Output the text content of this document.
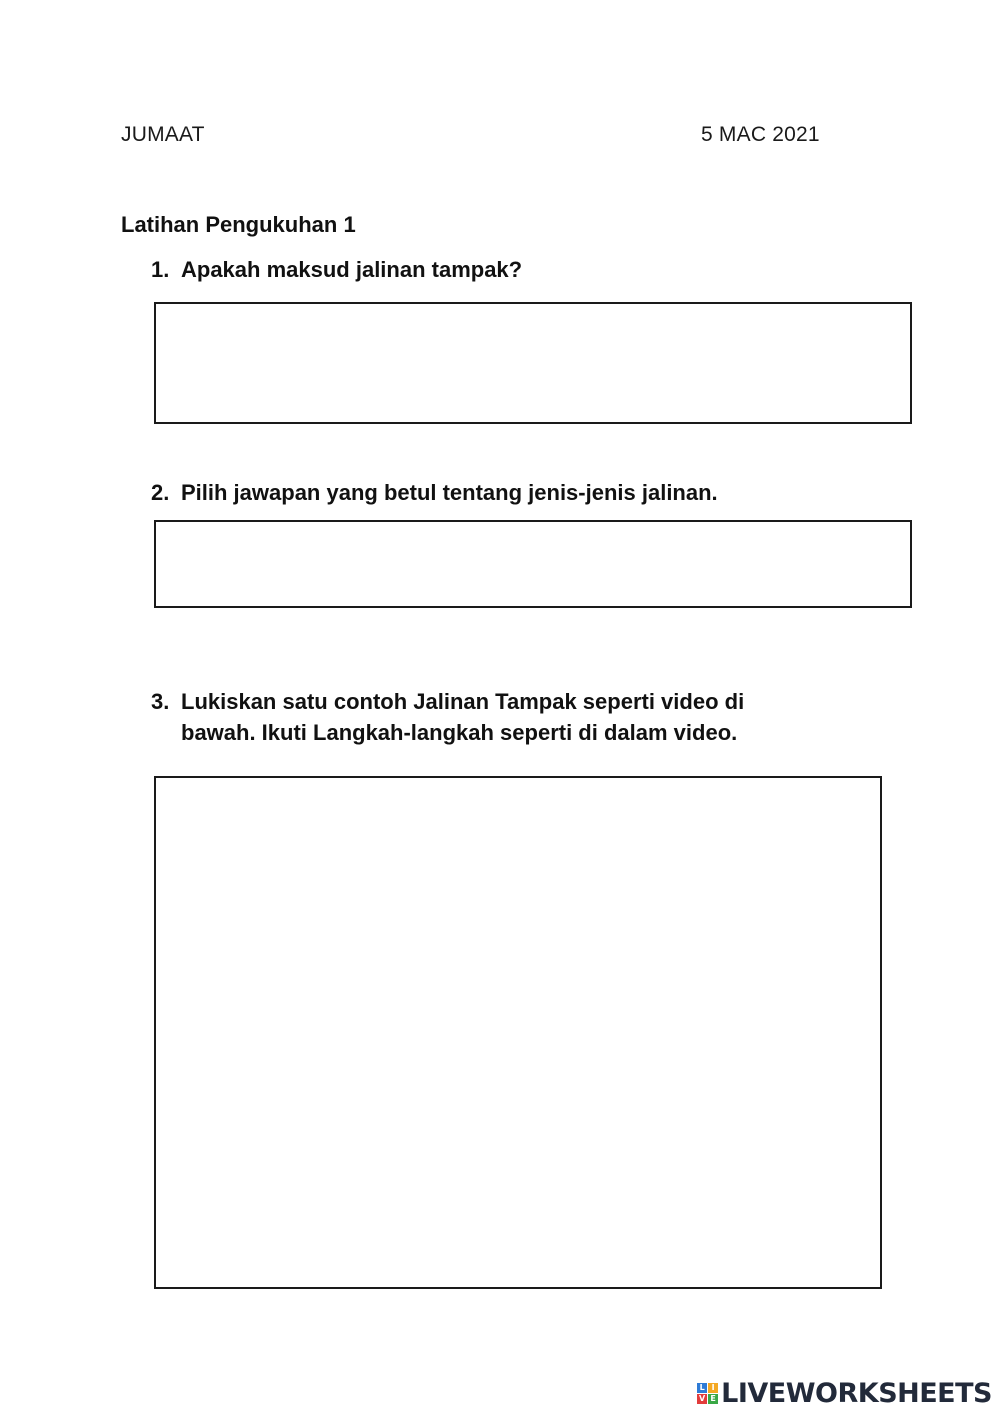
JUMAAT	5 MAC 2021
Latihan Pengukuhan 1
1. Apakah maksud jalinan tampak?
2. Pilih jawapan yang betul tentang jenis-jenis jalinan.
3. Lukiskan satu contoh Jalinan Tampak seperti video di
bawah. Ikuti Langkah-langkah seperti di dalam video.
L I
V E LIVEWORKSHEETS
